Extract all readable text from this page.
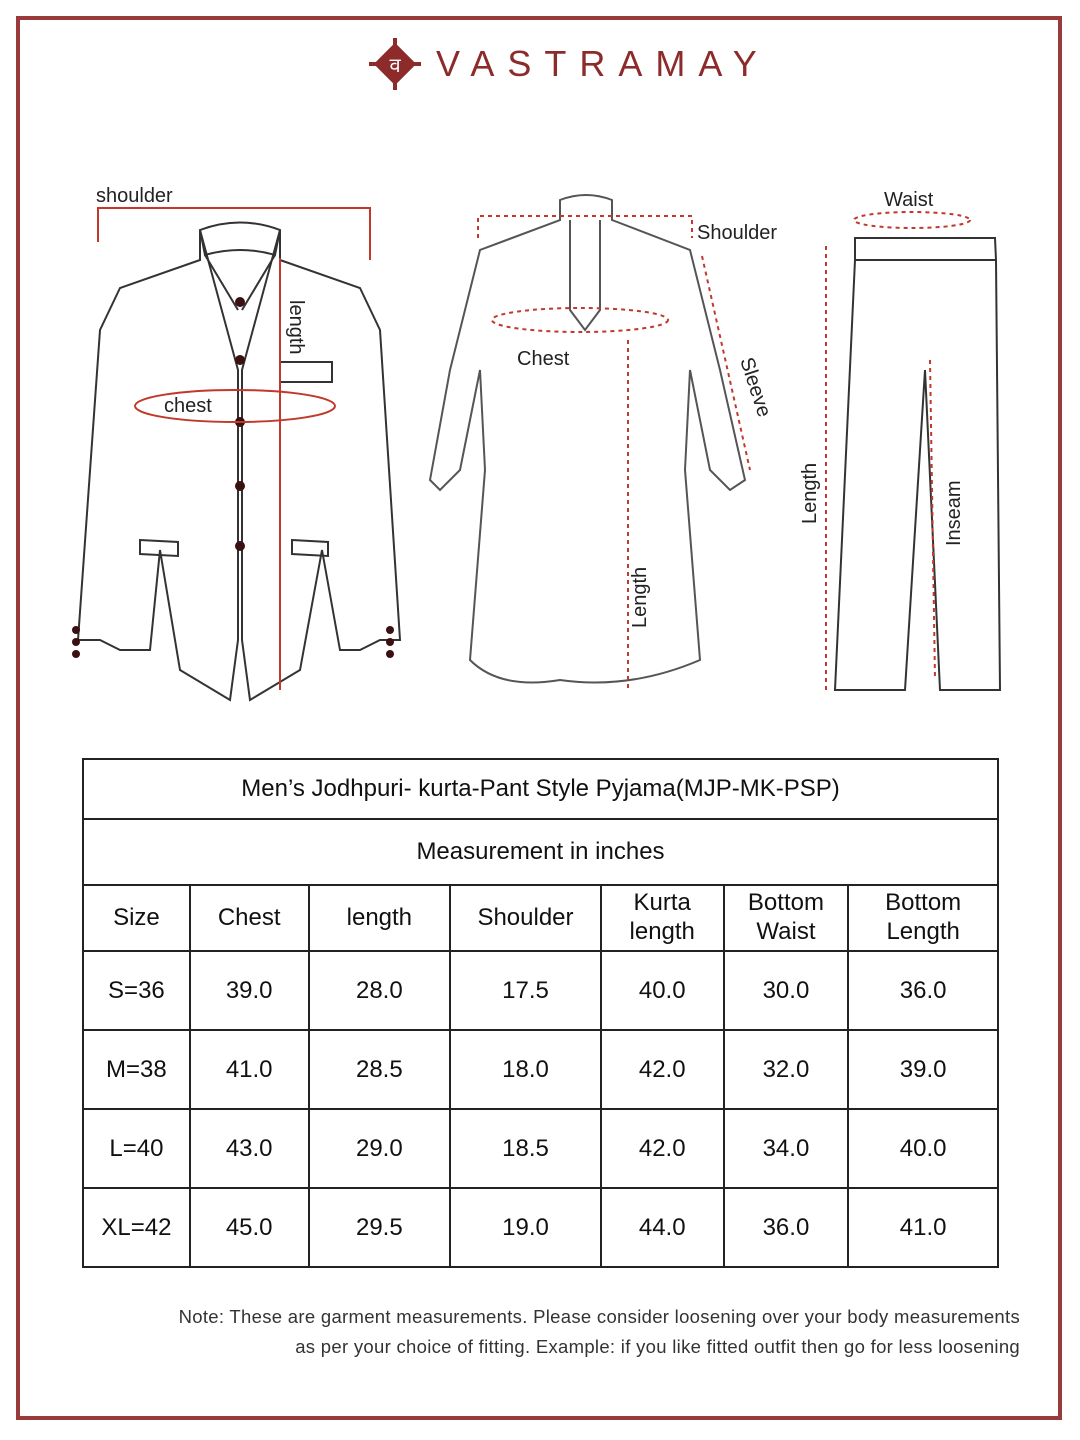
व VASTRAMAY
shoulder
length
chest
Shoulder
Chest	Sleeve
Length
Waist
Length	Inseam
Men’s Jodhpuri- kurta-Pant Style Pyjama(MJP-MK-PSP)						
Measurement in inches						
Size	Chest	length	Shoulder	Kurta length	Bottom Waist	Bottom Length
S=36	39.0	28.0	17.5	40.0	30.0	36.0
M=38	41.0	28.5	18.0	42.0	32.0	39.0
L=40	43.0	29.0	18.5	42.0	34.0	40.0
XL=42	45.0	29.5	19.0	44.0	36.0	41.0
Note: These are garment measurements. Please consider loosening over your body measurements
as per your choice of fitting. Example: if you like fitted outfit then go for less loosening
